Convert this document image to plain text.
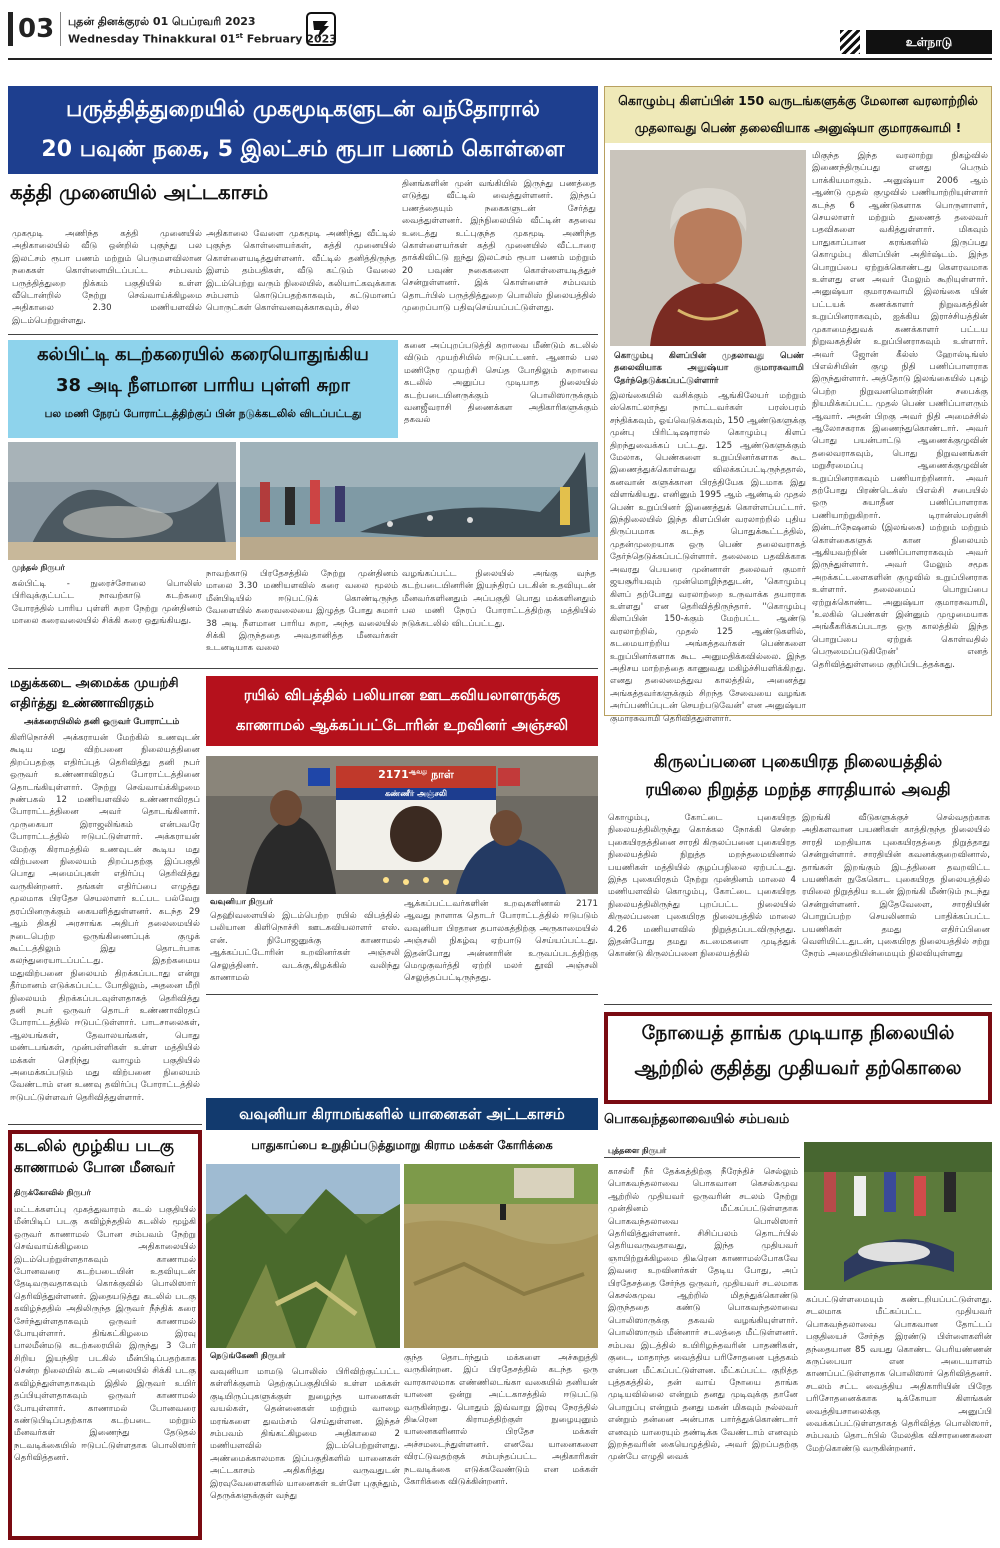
03 புதன் தினக்குரல் 01 பெப்ரவரி 2023
Wednesday Thinakkural 01st February 2023	உள்நாடு
பருத்தித்துறையில் முகமூடிகளுடன் வந்தோரால்
20 பவுண் நகை, 5 இலட்சம் ரூபா பணம் கொள்ளை
கத்தி முனையில் அட்டகாசம்
முகமூடி அணிந்த கத்தி முனையில் அதிகாலையில் வீடு ஒன்றில் புகுந்து பல இலட்சம் ரூபா பணம் மற்றும் பெருமளவிலான நகைகள் கொள்ளையிடப்பட்ட சம்பவம் பருத்தித்துறை நிக்கம் பகுதியில் உள்ள வீடொன்றில் நேற்று செவ்வாய்க்கிழமை அதிகாலை 2.30 மணியளவில் இடம்பெற்றுள்ளது.
அதிகாலை வேளை முகமூடி அணிந்து வீட்டில் புகுந்த கொள்ளையர்கள், கத்தி முனையில் கொள்ளையடித்துள்ளனர். வீட்டில் தனித்திருந்த இளம் தம்பதிகள், வீடு கட்டும் வேலை இடம்பெற்று வரும் நிலையில், கலியாட்கவுக்காக சம்பளம் கொடுப்பதற்காகவும், கட்டுமானப் பொருட்கள் கொள்வனவுக்காகவும், சில
தினங்களின் முன் வங்கியில் இருந்து பணத்தை எடுத்து வீட்டில் வைத்துள்ளனர். இந்தப் பணத்தையும் நகைகளுடன் சேர்த்து வைத்துள்ளனர். இந்நிலையில் வீட்டின் கதவை உடைத்து உட்புகுந்த முகமூடி அணிந்த கொள்ளையர்கள் கத்தி முனையில் வீட்டாரை தாக்கிவிட்டு ஐந்து இலட்சம் ரூபா பணம் மற்றும் 20 பவுண் நகைகளை கொள்ளையடித்துச் சென்றுள்ளனர். இக் கொள்ளைச் சம்பவம் தொடர்பில் பருத்தித்துறை பொலிஸ் நிலையத்தில் முறைப்பாடு பதிவுசெய்யப்பட்டுள்ளது.
கல்பிட்டி கடற்கரையில் கரையொதுங்கிய
38 அடி நீளமான பாரிய புள்ளி சுறா
பல மணி நேரப் போராட்டத்திற்குப் பின் நடுக்கடலில் விடப்பட்டது
கனை அப்புறப்படுத்தி சுறாவை மீண்டும் கடலில் விடும் முயற்சியில் ஈடுபட்டனர். ஆனால் பல மணிநேர முயற்சி செய்த போதிலும் சுறாவை கடலில் அனுப்ப முடியாத நிலையில் கடற்படையினருக்கும் பொலிஸாருக்கும் வனஜீவராசி திணைக்கள அதிகாரிகளுக்கும் தகவல்
முந்தல் நிருபர்
கல்பிட்டி - நுரைச்சோலை பொலிஸ் பிரிவுக்குட்பட்ட நாவற்காடு கடற்கரை யோரத்தில் பாரிய புள்ளி சுறா நேற்று முன்தினம் மாலை கரைவலையில் சிக்கி கரை ஒதுங்கியது.
நாவற்காடு பிரதேசத்தில் நேற்று முன்தினம் மாலை 3.30 மணியளவில் கரை வலை மூலம் மீன்பிடியில் ஈடுபட்டுக் கொண்டிருந்த வேளையில் கரைவலையை இழுத்த போது சுமார் 38 அடி நீளமான பாரிய சுறா, அந்த வலையில் சிக்கி இருந்ததை அவதானித்த மீனவர்கள் உடனடியாக வலை
வழங்கப்பட்ட நிலையில் அங்கு வந்த கடற்படையினரின் இயந்திரப் படகின் உதவியுடன் மீனவர்களினதும் அப்பகுதி பொது மக்களினதும் பல மணி நேரப் போராட்டத்திற்கு மத்தியில் நடுக்கடலில் விடப்பட்டது.
கொழும்பு கிளப்பின் 150 வருடங்களுக்கு மேலான வரலாற்றில்
முதலாவது பெண் தலைவியாக அனுஷ்யா குமாரசுவாமி !
கொழும்பு கிளப்பின் முதலாவது பெண் தலைவியாக அனுஷ்யா குமாரசுவாமி தேர்ந்தெடுக்கப்பட்டுள்ளார்
இலங்கையில் வசிக்கும் ஆங்கிலேயர் மற்றும் ஸ்கொட்லாந்து நாட்டவர்கள் பரஸ்பரம் சந்திக்கவும், ஓய்வெடுக்கவும், 150 ஆண்டுகளுக்கு முன்பு பிரிட்டிஷாரால் கொழும்பு கிளப் திறந்துவைக்கப் பட்டது. 125 ஆண்டுகளுக்கும் மேலாக, பெண்களை உறுப்பினர்களாக கூட இணைத்துக்கொள்வது விலக்கப்பட்டிருந்ததால், கனவான் களுக்கான பிரத்தியேக இடமாக இது விளங்கியது. எனினும் 1995 ஆம் ஆண்டில் முதல் பெண் உறுப்பினர் இணைத்துக் கொள்ளப்பட்டார். இந்நிலையில் இந்த கிளப்பின் வரலாற்றில் புதிய திருப்பமாக கடந்த பொதுக்கூட்டத்தில், முதன்முறையாக ஒரு பெண் தலைவராகத் தேர்ந்தெடுக்கப்பட்டுள்ளார். தலைமை பதவிக்காக அவரது பெயரை முன்னாள் தலைவர் குமார் ஜயசூரியவும் முன்மொழிந்ததுடன், 'கொழும்பு கிளப் தற்போது வரலாற்றை உருவாக்க தயாராக உள்ளது' என தெரிவித்திருந்தார். ''கொழும்பு கிளப்பின் 150-க்கும் மேற்பட்ட ஆண்டு வரலாற்றில், முதல் 125 ஆண்டுகளில், கடமையாற்றிய அங்கத்தவர்கள் பெண்களை உறுப்பினர்களாக கூட அனுமதிக்கவில்லை. இந்த அதிசய மாற்றத்தை காணுவது மகிழ்ச்சியளிக்கிறது. எனது தலைமைத்துவ காலத்தில், அனைத்து அங்கத்தவர்களுக்கும் சிறந்த சேவையை வழங்க அர்ப்பணிப்புடன் செயற்படுவேன்' என அனுஷ்யா குமாரசுவாமி தெரிவித்துள்ளார்.
மிகுந்த இந்த வரலாற்று நிகழ்வில் இணைந்திருப்பது எனது பெரும் பாக்கியமாகும். அனுஷ்யா 2006 ஆம் ஆண்டு முதல் குழுவில் பணியாற்றியுள்ளார் கடந்த 6 ஆண்டுகளாக பொருளாளர், செயலாளர் மற்றும் துணைத் தலைவர் பதவிகளை வகித்துள்ளார். மிகவும் பாதுகாப்பான கரங்களில் இருப்பது கொழும்பு கிளப்பின் அதிர்ஷ்டம். இந்த பொறுப்பை ஏற்றுக்கொண்டது கௌரவமாக உள்ளது என அவர் மேலும் கூறியுள்ளார். அனுஷ்யா குமாரசுவாமி இலங்கை யின் பட்டயக் கணக்காளர் நிறுவகத்தின் உறுப்பினராகவும், ஐக்கிய இராச்சியத்தின் முகாமைத்துவக் கணக்காளர் பட்டய நிறுவகத்தின் உறுப்பினராகவும் உள்ளார். அவர் ஜோன் கீல்ஸ் ஹோல்டிங்ஸ் பிஎல்சியின் குழு நிதி பணிப்பாளராக இருந்துள்ளார். அத்தோடு இலங்கையில் புகழ் பெற்ற நிறுவனமொன்றின் சபைக்கு நியமிக்கப்பட்ட முதல் பெண் பணிப்பாளரும் ஆவார். அதன் பிறகு அவர் நிதி அமைச்சில் ஆலோசகராக இணைந்துகொண்டார். அவர் பொது பயன்பாட்டு ஆணைக்குழுவின் தலைவராகவும், பொது நிறுவனங்கள் மறுசீரமைப்பு ஆணைக்குழுவின் உறுப்பினராகவும் பணியாற்றினார். அவர் தற்போது பிரண்டெக்ஸ் பிஎல்சி சபையில் ஒரு சுயாதீன பணிப்பாளராக பணியாற்றுகிறார். டிரான்ஸ்பரன்சி இன்டர்நேஷனல் (இலங்கை) மற்றும் மற்றும் கொள்கைகளுக் கான நிலையம் ஆகியவற்றின் பணிப்பாளராகவும் அவர் இருந்துள்ளார். அவர் மேலும் சமூக அறக்கட்டளைகளின் குழுவில் உறுப்பினராக உள்ளார். தலைமைப் பொறுப்பை ஏற்றுக்கொண்ட அனுஷ்யா குமாரசுவாமி, 'உலகில் பெண்கள் இன்னும் முழுமையாக அங்கீகரிக்கப்படாத ஒரு காலத்தில் இந்த பொறுப்பை ஏற்றுக் கொள்வதில் பெருமைப்படுகிறேன்' எனத் தெரிவித்துள்ளமை குறிப்பிடத்தக்கது.
மதுக்கடை அமைக்க முயற்சி
எதிர்த்து உண்ணாவிரதம்
அக்கரையிலில் தனி ஒருவர் போராட்டம்
கிளிநொச்சி அக்கராயன் மேற்கில் உணவுடன் கூடிய மது விற்பனை நிலையத்தினை திறப்பதற்கு எதிர்ப்புத் தெரிவித்து தனி நபர் ஒருவர் உண்ணாவிரதப் போராட்டத்தினை தொடங்கியுள்ளார். நேற்று செவ்வாய்க்கிழமை நண்பகல் 12 மணியளவில் உண்ணாவிரதப் போராட்டத்தினை அவர் தொடங்கினார். முருகையா இராஜலிங்கம் என்பவரே போராட்டத்தில் ஈடுபட்டுள்ளார். அக்கராயன் மேற்கு கிராமத்தில் உணவுடன் கூடிய மது விற்பனை நிலையம் திறப்பதற்கு இப்பகுதி பொது அமைப்புகள் எதிர்ப்பு தெரிவித்து வருகின்றனர். தங்கள் எதிர்ப்பை எழுத்து மூலமாக பிரதேச செயலாளர் உட்பட பல்வேறு தரப்பினருக்கும் கையளித்துள்ளனர். கடந்த 29 ஆம் திகதி அரசாங்க அதிபர் தலைமையில் நடைபெற்ற ஒருங்கிணைப்புக் குழுக் கூட்டத்திலும் இது தொடர்பாக கலந்துரையாடப்பட்டது. இதற்கமைய மதுவிற்பனை நிலையம் திறக்கப்படாது என்று தீர்மானம் எடுக்கப்பட்ட போதிலும், அதனை மீறி நிலையம் திறக்கப்படவுள்ளதாகத் தெரிவித்து தனி நபர் ஒருவர் தொடர் உண்ணாவிரதப் போராட்டத்தில் ஈடுபட்டுள்ளார். பாடசாலைகள், ஆலயங்கள், தேவாலயங்கள், பொது மண்டபங்கள், முன்பள்ளிகள் உள்ள மத்தியில் மக்கள் செறிந்து வாழும் பகுதியில் அமைக்கப்படும் மது விற்பனை நிலையம் வேண்டாம் என உணவு தவிர்ப்பு போராட்டத்தில் ஈடுபட்டுள்ளவர் தெரிவித்துள்ளார்.
கடலில் மூழ்கிய படகு
காணாமல் போன மீனவர்
திருக்கோவில் நிருபர்
மட்டக்களப்பு முகத்துவாரம் கடல் பகுதியில் மீன்பிடிப் படகு கவிழ்ந்ததில் கடலில் மூழ்கி ஒருவர் காணாமல் போன சம்பவம் நேற்று செவ்வாய்க்கிழமை அதிகாலையில் இடம்பெற்றுள்ளதாகவும் காணாமல் போனவரை கடற்படையின் உதவியுடன் தேடிவருவதாகவும் கொக்குவில் பொலிஸார் தெரிவித்துள்ளனர். இதையடுத்து கடலில் படகு கவிழ்ந்ததில் அதிலிருந்த இருவர் நீந்திக் கரை சேர்ந்துள்ளதாகவும் ஒருவர் காணாமல் போயுள்ளார். திங்கட்கிழமை இரவு பாலமீன்மடு கடற்கரையில் இருந்து 3 பேர் சிறிய இயந்திர படகில் மீன்பிடிப்பதற்காக சென்ற நிலையில் கடல் அலையில் சிக்கி படகு கவிழ்ந்துள்ளதாகவும் இதில் இருவர் உயிர் தப்பியுள்ளதாகவும் ஒருவர் காணாமல் போயுள்ளார். காணாமல் போனவரை கண்டுபிடிப்பதற்காக கடற்படை மற்றும் மீனவர்கள் இணைந்து தேடுதல் நடவடிக்கையில் ஈடுபட்டுள்ளதாக பொலிஸார் தெரிவித்தனர்.
ரயில் விபத்தில் பலியான ஊடகவியலாளருக்கு
காணாமல் ஆக்கப்பட்டோரின் உறவினர் அஞ்சலி
$2171^{ஆவது}$ நாள்
கண்ணீர் அஞ்சலி
வவுனியா நிருபர்
தெஹிவளையில் இடம்பெற்ற ரயில் விபத்தில் பலியான கிளிநொச்சி ஊடகவியலாளர் எஸ். என். நிபோஜனுக்கு காணாமல் ஆக்கப்பட்டோரின் உறவினர்கள் அஞ்சலி செலுத்தினர். வடக்கு,கிழக்கில் வலிந்து காணாமல்
ஆக்கப்பட்டவர்களின் உறவுகளினால் 2171 ஆவது நாளாக தொடர் போராட்டத்தில் ஈடுபடும் வவுனியா பிரதான தபாலகத்திற்கு அருகாமையில் அஞ்சலி நிகழ்வு ஏற்பாடு செய்யப்பட்டது. இதன்போது அன்னாரின் உருவப்படத்திற்கு மெழுகுவர்த்தி ஏற்றி மலர் தூவி அஞ்சலி செலுத்தப்பட்டிருந்தது.
கிருலப்பனை புகையிரத நிலையத்தில்
ரயிலை நிறுத்த மறந்த சாரதியால் அவதி
கொழும்பு, கோட்டை புகையிரத நிலையத்திலிருந்து கொக்கல நோக்கி சென்ற புகையிரதத்தினை சாரதி கிருலப்பனை புகையிரத நிலையத்தில் நிறுத்த மறந்தமையினால் பயணிகள் மத்தியில் குழப்பநிலை ஏற்பட்டது. இந்த புகையிரதம் நேற்று முன்தினம் மாலை 4 மணியளவில் கொழும்பு, கோட்டை புகையிரத நிலையத்திலிருந்து புறப்பட்ட நிலையில் கிருலப்பனை புகையிரத நிலையத்தில் மாலை 4.26 மணியளவில் நிறுத்தப்படவிருந்தது. இதன்போது தமது கடமைகளை முடித்துக் கொண்டு கிருலப்பனை நிலையத்தில்
இறங்கி வீடுகளுக்குச் செல்வதற்காக அதிகளவான பயணிகள் காத்திருந்த நிலையில் சாரதி மறதியாக புகையிரதத்தை நிறுத்தாது சென்றுள்ளார். சாரதியின் கவனக்குறைவினால், தாங்கள் இறங்கும் இடத்தினை தவறவிட்ட பயணிகள் நுகேகொட புகையிரத நிலையத்தில் ரயிலை நிறுத்திய உடன் இறங்கி மீண்டும் நடந்து சென்றுள்ளனர். இதேவேளை, சாரதியின் பொறுப்பற்ற செயலினால் பாதிக்கப்பட்ட பயணிகள் தமது எதிர்ப்பினை வெளியிட்டதுடன், புகையிரத நிலையத்தில் சற்று நேரம் அமைதியின்மையும் நிலவியுள்ளது
வவுனியா கிராமங்களில் யானைகள் அட்டகாசம்
பாதுகாப்பை உறுதிப்படுத்துமாறு கிராம மக்கள் கோரிக்கை
நெடுங்கேணி நிருபர்
வவுனியா மாமடு பொலிஸ் பிரிவிற்குட்பட்ட கள்ளிக்குளம் தெற்குப்பகுதியில் உள்ள மக்கள் குடியிருப்புகளுக்குள் நுழைந்த யானைகள் வயல்கள், தென்னைகள் மற்றும் வாழை மரங்களை துவம்சம் செய்துள்ளன. இந்தச் சம்பவம் திங்கட்கிழமை அதிகாலை 2 மணியளவில் இடம்பெற்றுள்ளது. அண்மைக்காலமாக இப்பகுதிகளில் யானைகள் அட்டகாசம் அதிகரித்து வருவதுடன் இரவுவேளைகளில் யானைகள் உள்ளே புகுந்தும், தெருக்களுக்குள் வந்து
குந்த தொடர்ந்தும் மக்களை அச்சுறுத்தி வருகின்றன. இப் பிரதேசத்தில் கடந்த ஒரு வாரகாலமாக எண்ணிலடங்கா வகையில் தனியன் யானை ஒன்று அட்டகாசத்தில் ஈடுபட்டு வருகின்றது. பொதும் இவ்வாறு இரவு நேரத்தில் திடீரென கிராமத்திற்குள் நுழையுனும் யானைகளினால் பிரதேச மக்கள் அச்சமடைந்துள்ளனர். எனவே யானைகளை விரட்டுவதற்குக் சம்பந்தப்பட்ட அதிகாரிகள் நடவடிக்கை எடுக்கவேண்டும் என மக்கள் கோரிக்கை விடுக்கின்றனர்.
நோயைத் தாங்க முடியாத நிலையில்
ஆற்றில் குதித்து முதியவர் தற்கொலை
பொகவந்தலாவையில் சம்பவம்
புத்தளை நிருபர்
காசல்ரீ நீர் தேக்கத்திற்கு நீரேந்திச் செல்லும் பொகவந்தலாவை பொகவான கெசல்கமுவ ஆற்றில் முதியவர் ஒருவரின் சடலம் நேற்று முன்தினம் மீட்கப்பட்டுள்ளதாக பொகவந்தலாவை பொலிஸார் தெரிவித்துள்ளனர். சிசிப்பலம் தொடர்பில் தெரியவருவதாவது, இந்த முதியவர் ஞாயிற்றுக்கிழமை திடீரென காணாமல்போகவே இவரை உறவினர்கள் தேடிய போது, அப் பிரதேசத்தை சேர்ந்த ஒருவர், முதியவர் சடலமாக கெசல்கமுவ ஆற்றில் மிதந்துக்கொண்டு இருந்ததை கண்டு பொகவந்தலாவை பொலிஸாருக்கு தகவல் வழங்கியுள்ளார். பொலிஸாரும் மீன்னார் சடலத்தை மீட்டுள்ளனர். சம்பவ இடத்தில் உயிரிழந்தவரின் பாதணிகள், குடை, மாதாந்த வைத்திய பரிசோதனை புத்தகம் என்பன மீட்கப்பட்டுள்ளன. மீட்கப்பட்ட குறித்த புத்தகத்தில், தன் வாய் நோயை தாங்க முடியவில்லை என்றும் தனது முடிவுக்கு தானே பொறுப்பு என்றும் தனது மகன் மிகவும் நல்லவர் என்றும் தன்னை அன்பாக பார்த்துக்கொண்டார் எனவும் யாரையும் தண்டிக்க வேண்டாம் எனவும் இறந்தவரின் கையெழுத்தில், அவர் இறப்பதற்கு முன்பே எழுதி வைக்
கப்பட்டுள்ளமையும் கண்டறியப்பட்டுள்ளது. சடலமாக மீட்கப்பட்ட முதியவர் பொகவந்தலாவை பொகவான தோட்டப் பகுதியைச் சேர்ந்த இரண்டு பிள்ளைகளின் தந்தையான 85 வயது கொண்ட பெரியண்ணன் கருப்பையா என அடையாளம் காணப்பட்டுள்ளதாக பொலிஸார் தெரிவித்தனர். சடலம் சட்ட வைத்திய அதிகாரியின் பிரேத பரிசோதனைக்காக டிக்கோயா கிளங்கன் வைத்தியசாலைக்கு அனுப்பி வைக்கப்பட்டுள்ளதாகத் தெரிவித்த பொலிஸார், சம்பவம் தொடர்பில் மேலதிக விசாரணைகளை மேற்கொண்டு வருகின்றனர்.
